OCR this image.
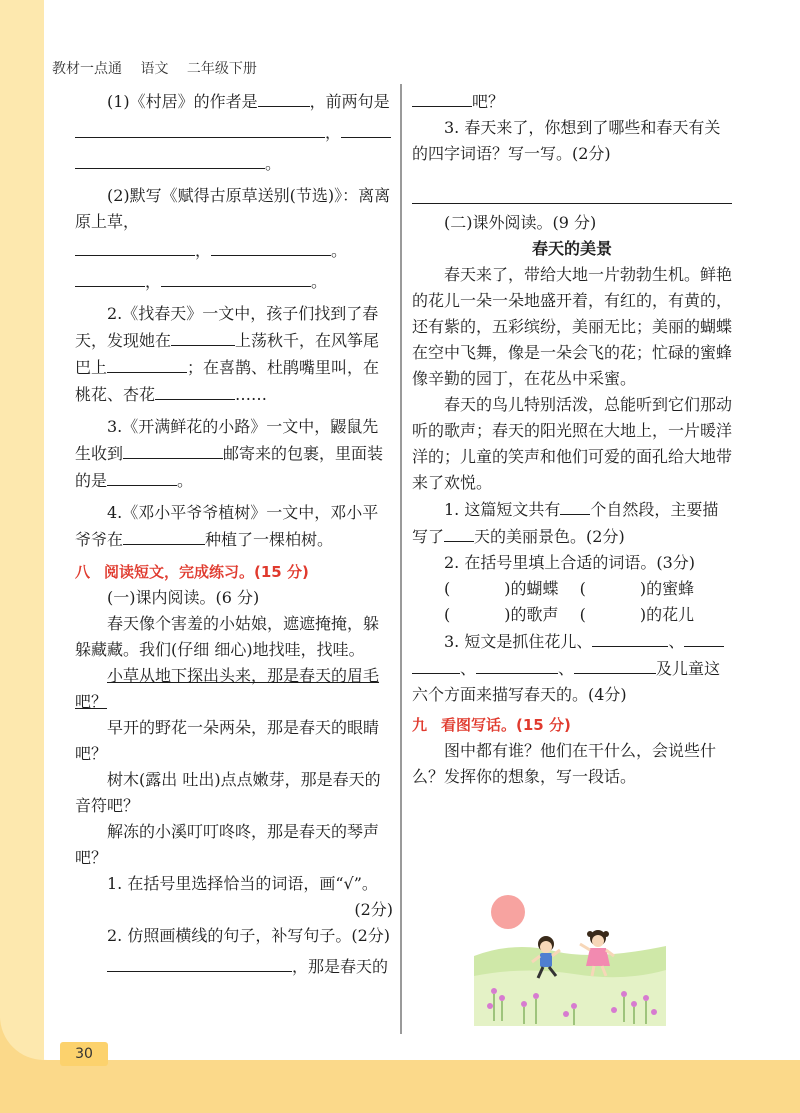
教材一点通 语文 二年级下册

(1)《村居》的作者是	，前两句是

，
。

(2)默写《赋得古原草送别(节选)》：离离原上草，

，	。
，	。

2.《找春天》一文中，孩子们找到了春天，发现她在	上荡秋千，在风筝尾巴上	；在喜鹊、杜鹃嘴里叫，在桃花、杏花	……

3.《开满鲜花的小路》一文中，鼹鼠先生收到	邮寄来的包裹，里面装的是	。

4.《邓小平爷爷植树》一文中，邓小平爷爷在	种植了一棵柏树。

八 阅读短文，完成练习。(15 分)

(一)课内阅读。(6 分)

春天像个害羞的小姑娘，遮遮掩掩，躲躲藏藏。我们(仔细 细心)地找哇，找哇。

小草从地下探出头来，那是春天的眉毛吧？

早开的野花一朵两朵，那是春天的眼睛吧？

树木(露出 吐出)点点嫩芽，那是春天的音符吧？

解冻的小溪叮叮咚咚，那是春天的琴声吧？

1. 在括号里选择恰当的词语，画“√”。

(2分)

2. 仿照画横线的句子，补写句子。(2分)

，那是春天的
吧？

3. 春天来了，你想到了哪些和春天有关的四字词语？写一写。(2分)

(二)课外阅读。(9 分)

春天的美景

春天来了，带给大地一片勃勃生机。鲜艳的花儿一朵一朵地盛开着，有红的，有黄的，还有紫的，五彩缤纷，美丽无比；美丽的蝴蝶在空中飞舞，像是一朵会飞的花；忙碌的蜜蜂像辛勤的园丁，在花丛中采蜜。

春天的鸟儿特别活泼，总能听到它们那动听的歌声；春天的阳光照在大地上，一片暖洋洋的；儿童的笑声和他们可爱的面孔给大地带来了欢悦。

1. 这篇短文共有 个自然段，主要描写了 天的美丽景色。(2分)

2. 在括号里填上合适的词语。(3分)

(	)的蝴蝶 (	)的蜜蜂
(	)的歌声 (	)的花儿

3. 短文是抓住花儿、	、 、	、	及儿童这六个方面来描写春天的。(4分)

九 看图写话。(15 分)

图中都有谁？他们在干什么，会说些什么？发挥你的想象，写一段话。

30
